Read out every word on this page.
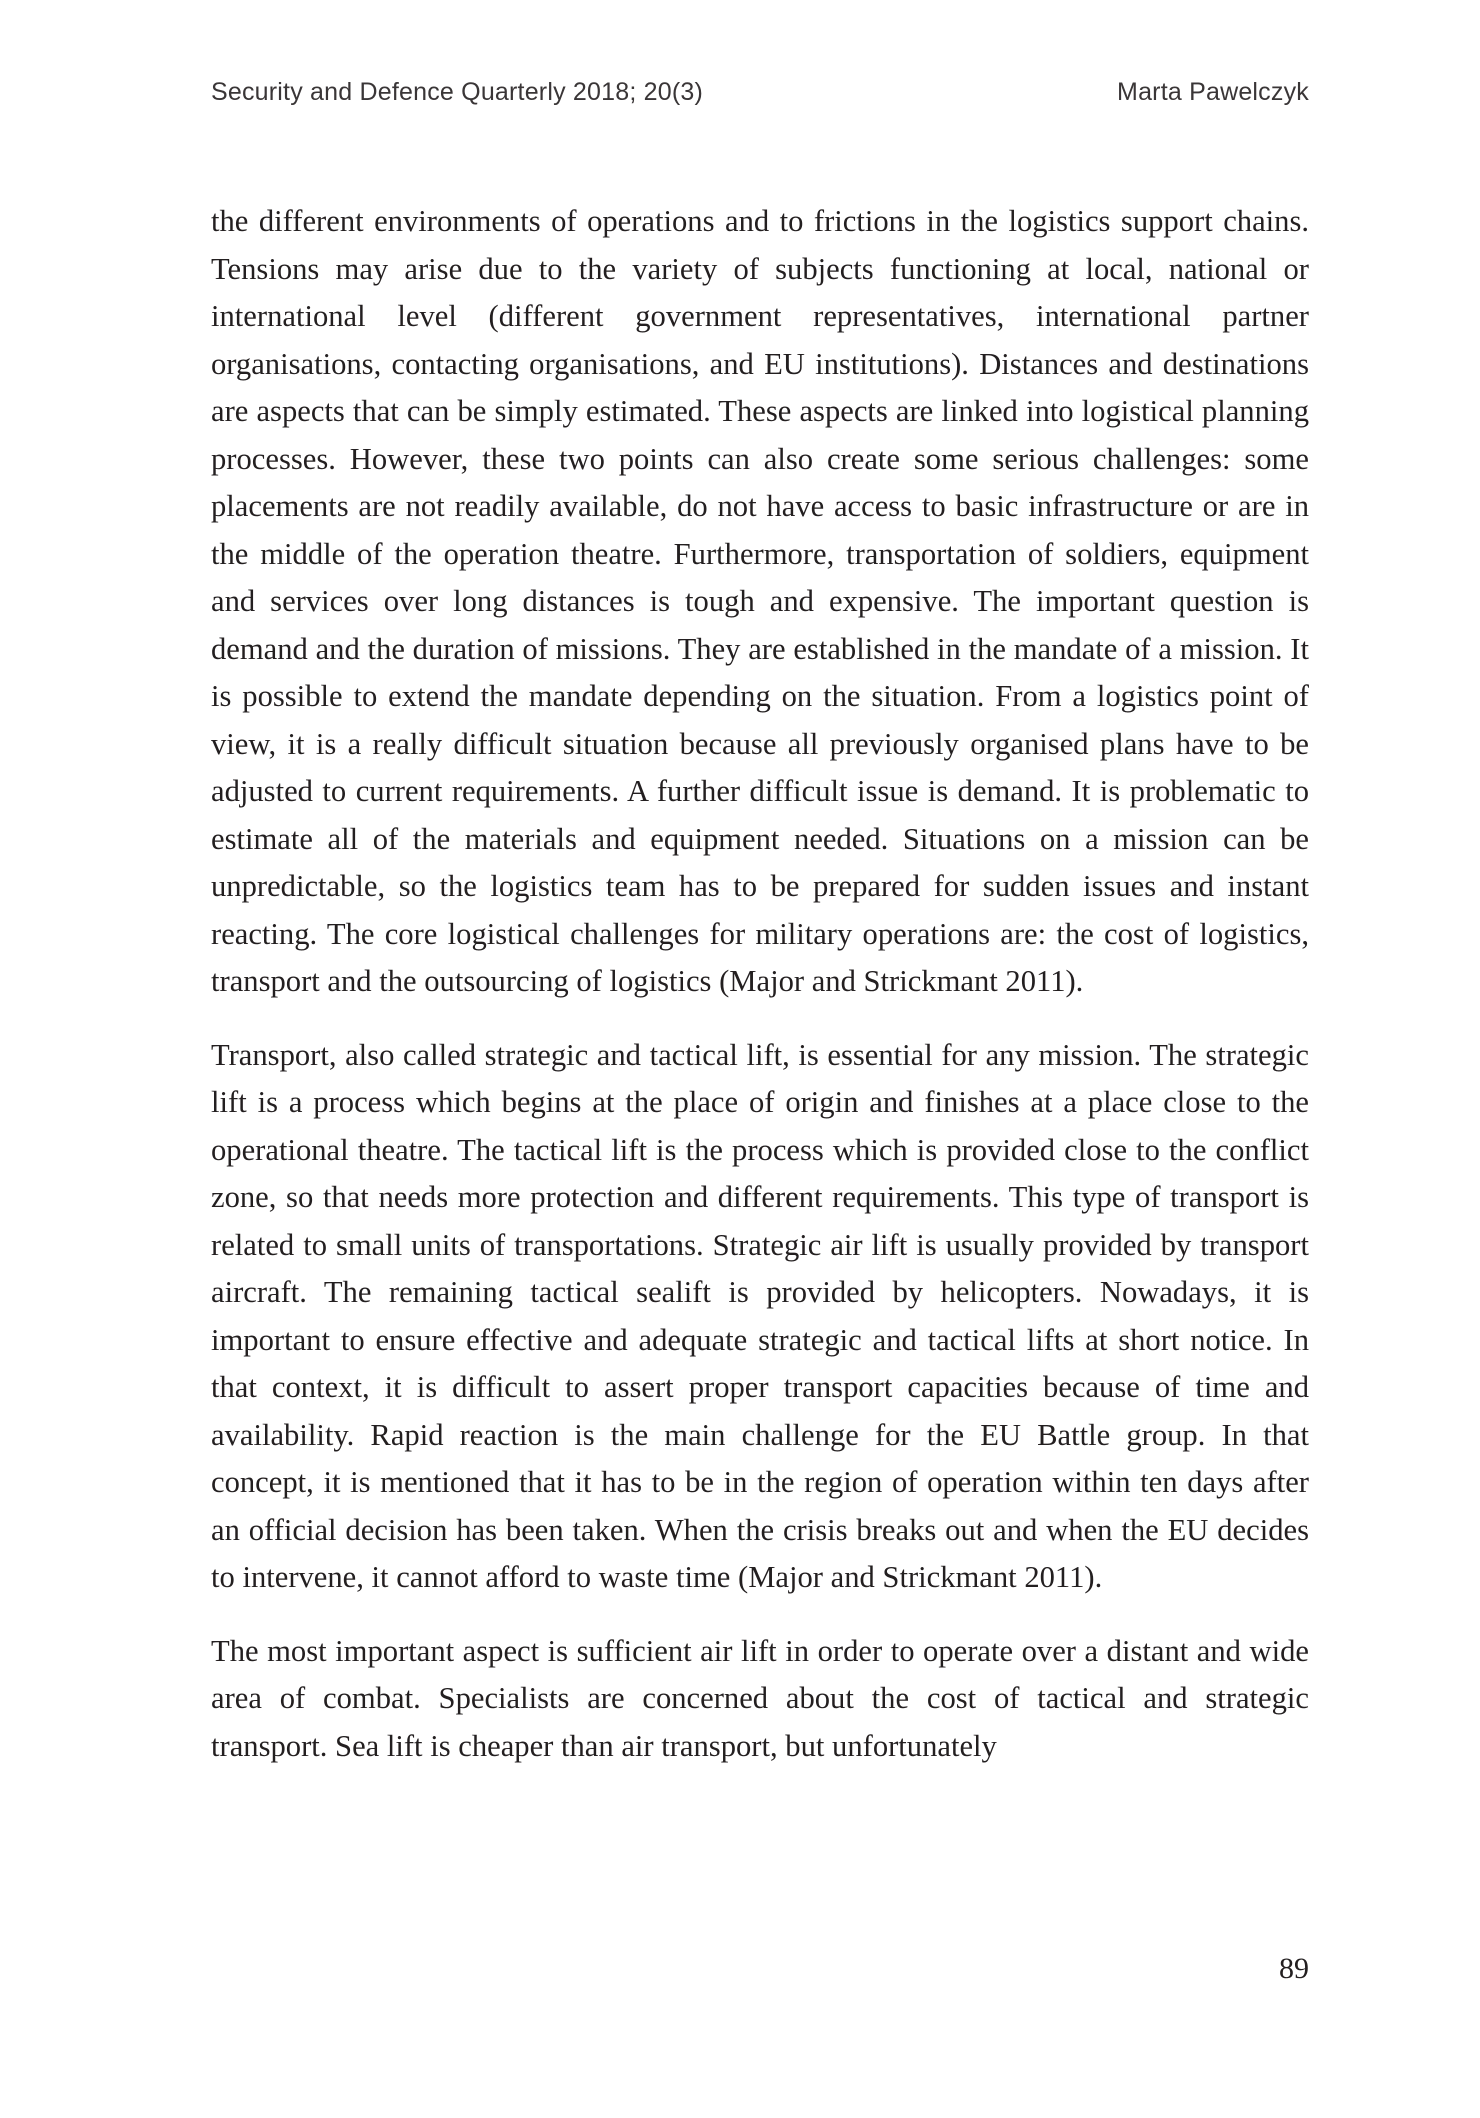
Security and Defence Quarterly 2018; 20(3)	Marta Pawelczyk

the different environments of operations and to frictions in the logistics support chains. Tensions may arise due to the variety of subjects functioning at local, national or international level (different government representatives, international partner organisations, contacting organisations, and EU institutions). Distances and destinations are aspects that can be simply estimated. These aspects are linked into logistical planning processes. However, these two points can also create some serious challenges: some placements are not readily available, do not have access to basic infrastructure or are in the middle of the operation theatre. Furthermore, transportation of soldiers, equipment and services over long distances is tough and expensive. The important question is demand and the duration of missions. They are established in the mandate of a mission. It is possible to extend the mandate depending on the situation. From a logistics point of view, it is a really difficult situation because all previously organised plans have to be adjusted to current requirements. A further difficult issue is demand. It is problematic to estimate all of the materials and equipment needed. Situations on a mission can be unpredictable, so the logistics team has to be prepared for sudden issues and instant reacting. The core logistical challenges for military operations are: the cost of logistics, transport and the outsourcing of logistics (Major and Strickmant 2011).

Transport, also called strategic and tactical lift, is essential for any mission. The strategic lift is a process which begins at the place of origin and finishes at a place close to the operational theatre. The tactical lift is the process which is provided close to the conflict zone, so that needs more protection and different requirements. This type of transport is related to small units of transportations. Strategic air lift is usually provided by transport aircraft. The remaining tactical sealift is provided by helicopters. Nowadays, it is important to ensure effective and adequate strategic and tactical lifts at short notice. In that context, it is difficult to assert proper transport capacities because of time and availability. Rapid reaction is the main challenge for the EU Battle group. In that concept, it is mentioned that it has to be in the region of operation within ten days after an official decision has been taken. When the crisis breaks out and when the EU decides to intervene, it cannot afford to waste time (Major and Strickmant 2011).

The most important aspect is sufficient air lift in order to operate over a distant and wide area of combat. Specialists are concerned about the cost of tactical and strategic transport. Sea lift is cheaper than air transport, but unfortunately

89
